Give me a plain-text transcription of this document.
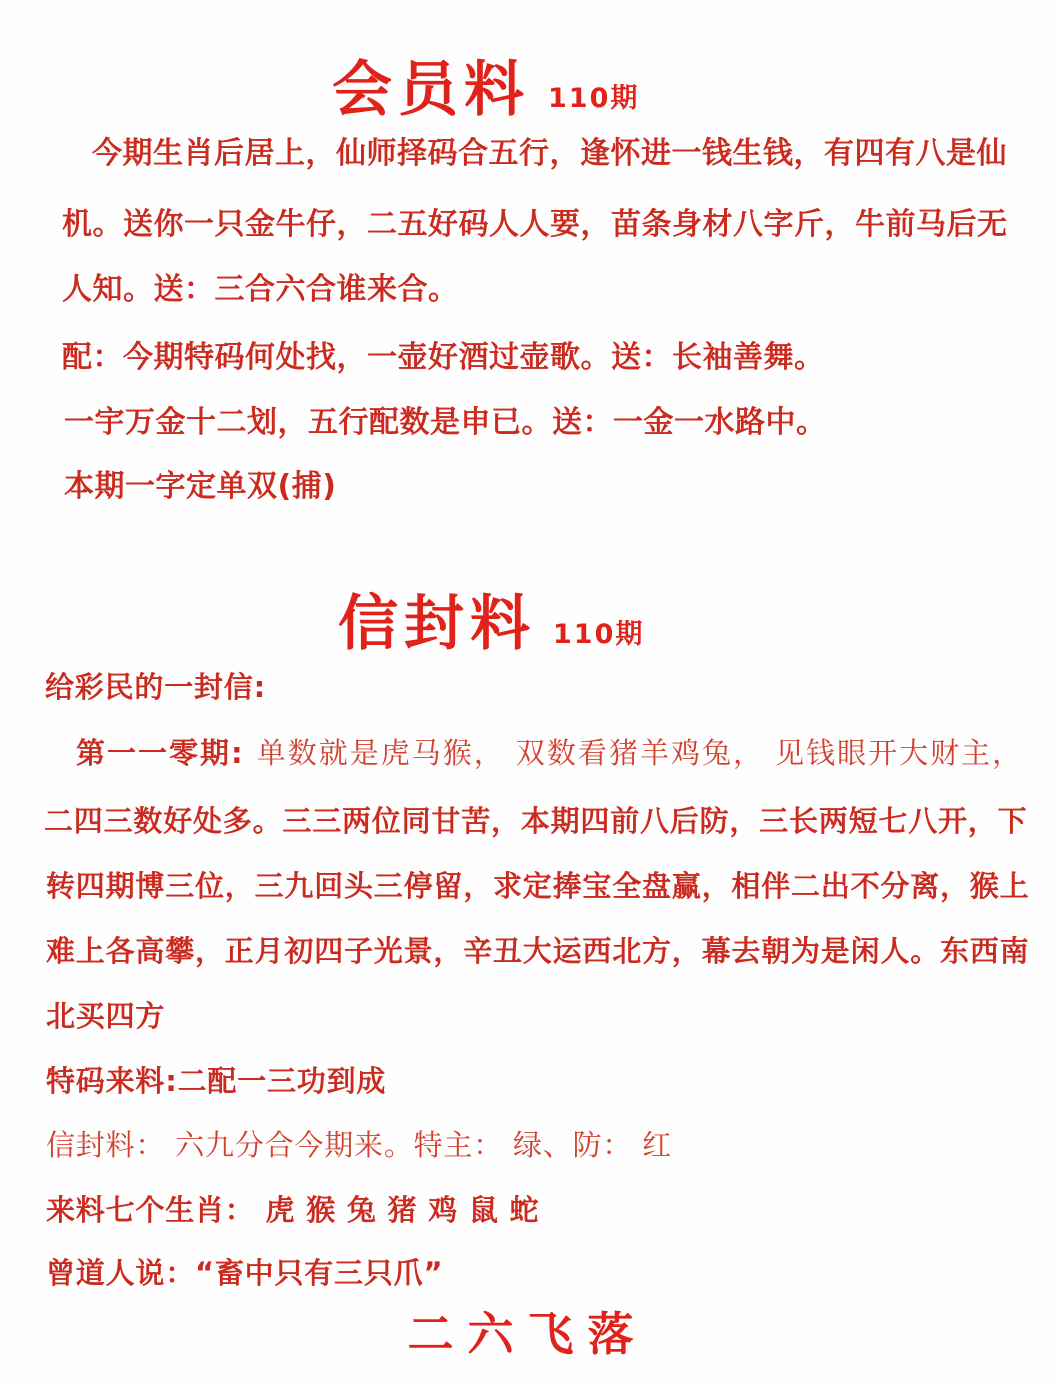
会员料 110期
今期生肖后居上，仙师择码合五行，逢怀进一钱生钱，有四有八是仙
机。送你一只金牛仔，二五好码人人要，苗条身材八字斤，牛前马后无
人知。送：三合六合谁来合。
配：今期特码何处找，一壶好酒过壶歌。送：长袖善舞。
一宇万金十二划，五行配数是申已。送：一金一水路中。
本期一字定单双(捕)
信封料 110期
给彩民的一封信:
第一一零期: 单数就是虎马猴， 双数看猪羊鸡兔， 见钱眼开大财主，
二四三数好处多。三三两位同甘苦，本期四前八后防，三长两短七八开，下
转四期博三位，三九回头三停留，求定捧宝全盘赢，相伴二出不分离，猴上
难上各高攀，正月初四子光景，辛丑大运西北方，幕去朝为是闲人。东西南
北买四方
特码来料:二配一三功到成
信封料： 六九分合今期来。特主： 绿、防： 红
来料七个生肖： 虎 猴 兔 猪 鸡 鼠 蛇
曾道人说：“畜中只有三只爪”
二六飞落
